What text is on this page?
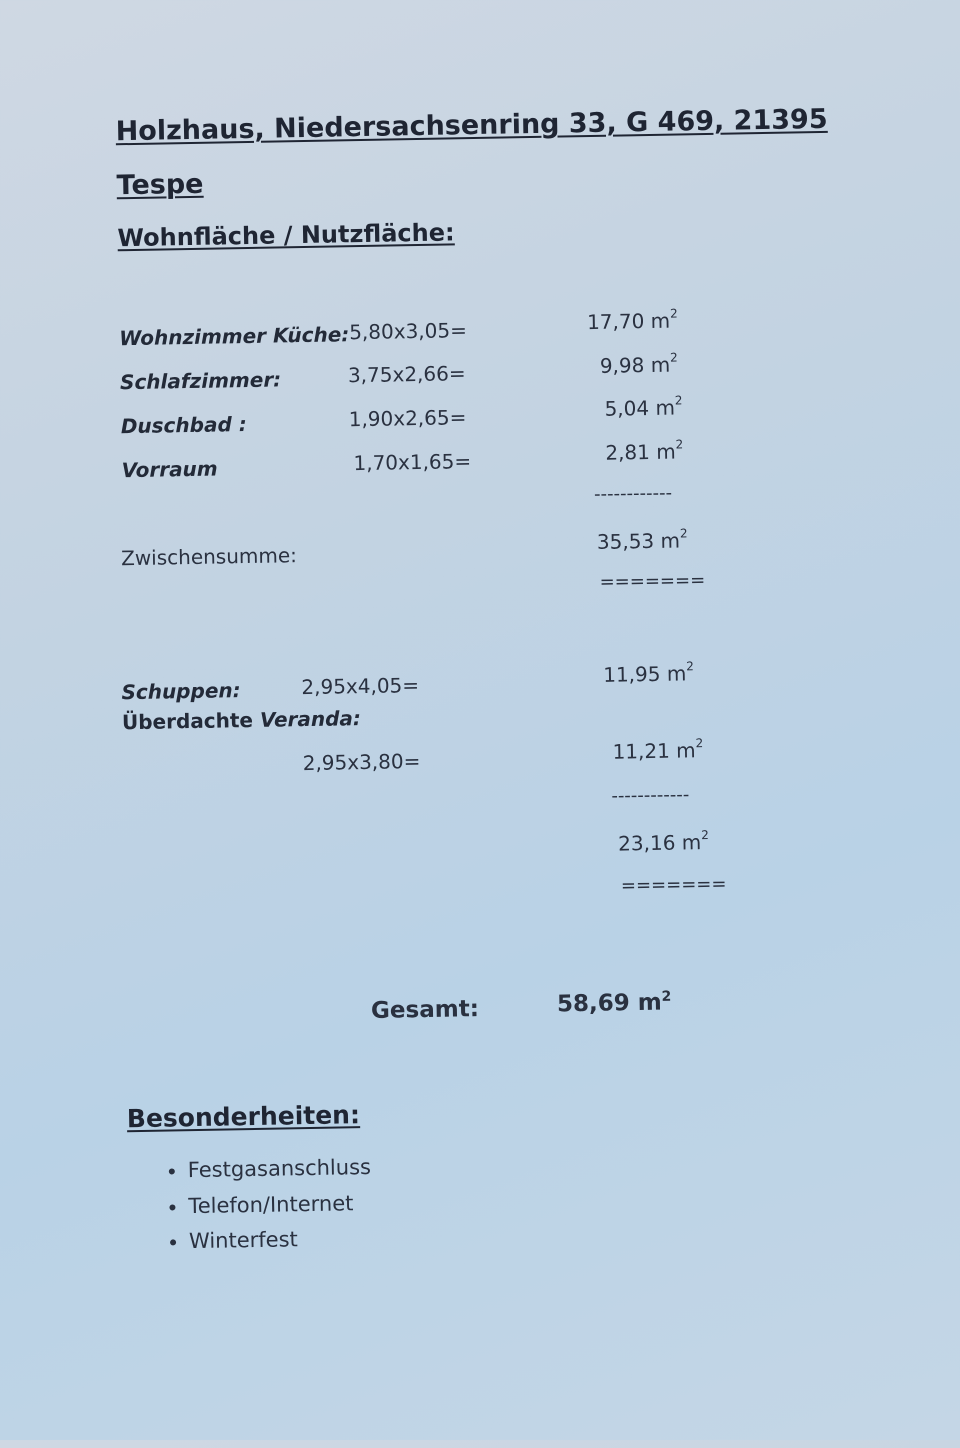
Holzhaus, Niedersachsenring 33, G 469, 21395
Tespe
Wohnfläche / Nutzfläche:
Wohnzimmer Küche: 5,80x3,05=	17,70 $m^2$
Schlafzimmer:	3,75x2,66=	9,98 $m^2$
Duschbad :	1,90x2,65=	5,04 $m^2$
Vorraum	1,70x1,65=	2,81 $m^2$
------------
Zwischensumme:
35,53 $m^2$
=======
Schuppen:	2,95x4,05=	11,95 $m^2$
Überdachte Veranda:
2,95x3,80=	11,21 $m^2$
------------
23,16 $m^2$
=======
Gesamt:	58,69 $m^2$
Besonderheiten:
• Festgasanschluss
• Telefon/Internet
• Winterfest
